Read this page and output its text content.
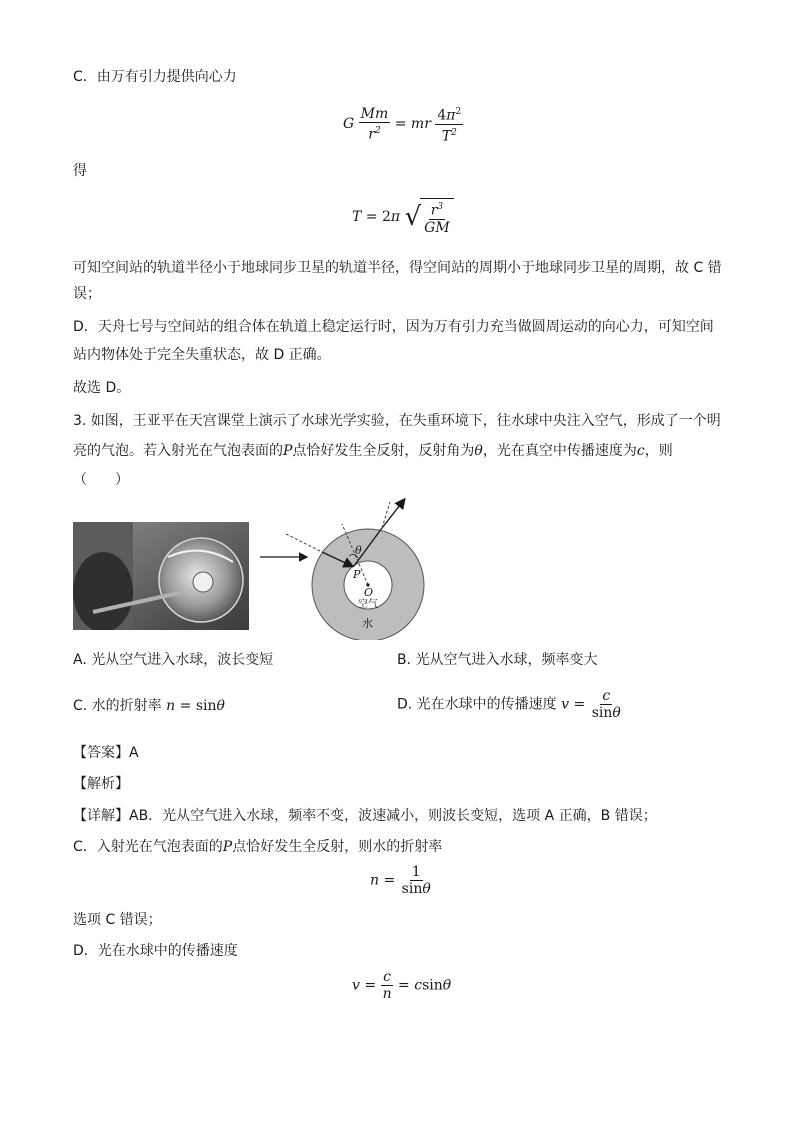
C．由万有引力提供向心力
G $\frac{Mm}{r^2}$ = mr $\frac{4\pi^2}{T^2}$
得
T = 2π √ $\frac{r^3}{GM}$
可知空间站的轨道半径小于地球同步卫星的轨道半径，得空间站的周期小于地球同步卫星的周期，故 C 错
误；
D．天舟七号与空间站的组合体在轨道上稳定运行时，因为万有引力充当做圆周运动的向心力，可知空间
站内物体处于完全失重状态，故 D 正确。
故选 D。
3. 如图，王亚平在天宫课堂上演示了水球光学实验，在失重环境下，往水球中央注入空气，形成了一个明
亮的气泡。若入射光在气泡表面的P点恰好发生全反射，反射角为θ，光在真空中传播速度为c，则
（　　）
θ
P
O
空气
水
A. 光从空气进入水球，波长变短	B. 光从空气进入水球，频率变大
C. 水的折射率 n = sinθ	D. 光在水球中的传播速度 $v = \frac{c}{\sin\theta}$
【答案】A
【解析】
【详解】AB．光从空气进入水球，频率不变，波速减小，则波长变短，选项 A 正确，B 错误；
C．入射光在气泡表面的P点恰好发生全反射，则水的折射率
$n = \frac{1}{\sin\theta}$
选项 C 错误；
D．光在水球中的传播速度
$v = \frac{c}{n} = csin\theta$
